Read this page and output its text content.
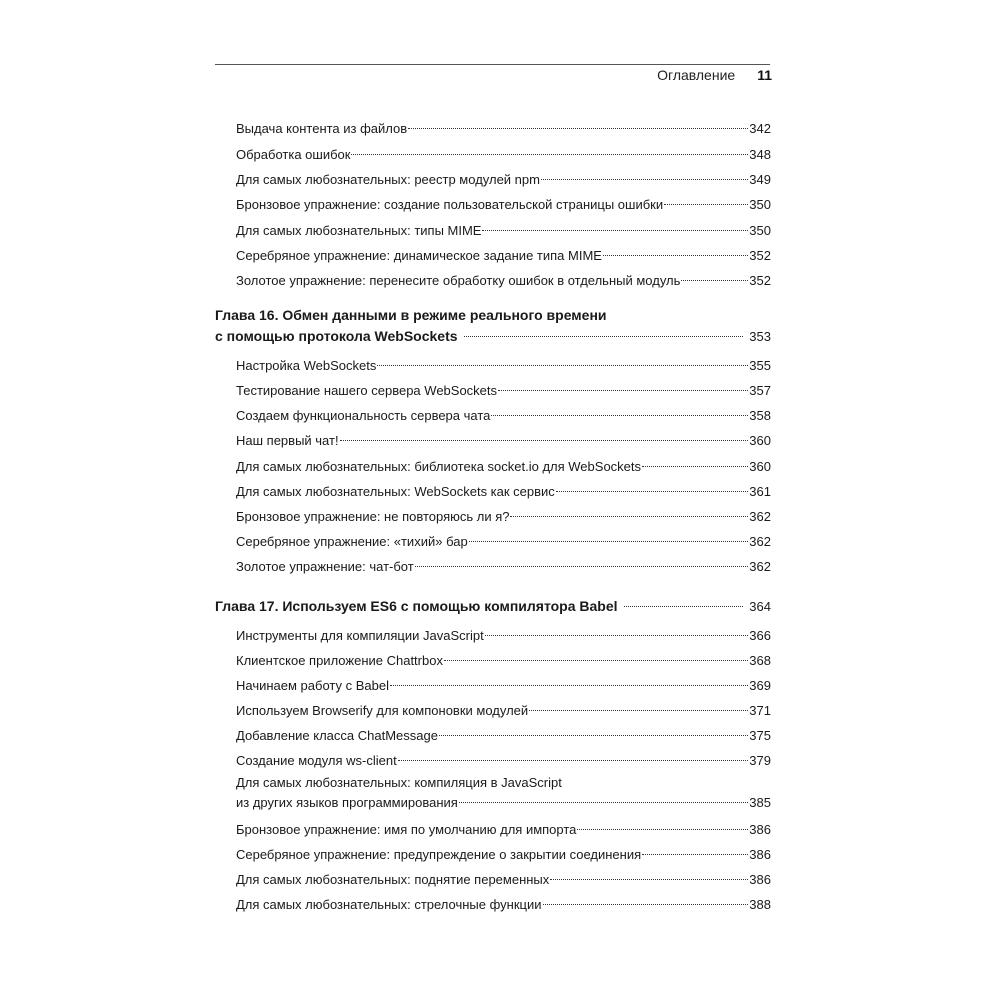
Оглавление 11
Выдача контента из файлов	342
Обработка ошибок	348
Для самых любознательных: реестр модулей npm	349
Бронзовое упражнение: создание пользовательской страницы ошибки	350
Для самых любознательных: типы MIME	350
Серебряное упражнение: динамическое задание типа MIME	352
Золотое упражнение: перенесите обработку ошибок в отдельный модуль	352
Глава 16. Обмен данными в режиме реального времени
с помощью протокола WebSockets	353
Настройка WebSockets	355
Тестирование нашего сервера WebSockets	357
Создаем функциональность сервера чата	358
Наш первый чат!	360
Для самых любознательных: библиотека socket.io для WebSockets	360
Для самых любознательных: WebSockets как сервис	361
Бронзовое упражнение: не повторяюсь ли я?	362
Серебряное упражнение: «тихий» бар	362
Золотое упражнение: чат-бот	362
Глава 17. Используем ES6 с помощью компилятора Babel	364
Инструменты для компиляции JavaScript	366
Клиентское приложение Chattrbox	368
Начинаем работу с Babel	369
Используем Browserify для компоновки модулей	371
Добавление класса ChatMessage	375
Создание модуля ws-client	379
Для самых любознательных: компиляция в JavaScript
из других языков программирования	385
Бронзовое упражнение: имя по умолчанию для импорта	386
Серебряное упражнение: предупреждение о закрытии соединения	386
Для самых любознательных: поднятие переменных	386
Для самых любознательных: стрелочные функции	388
